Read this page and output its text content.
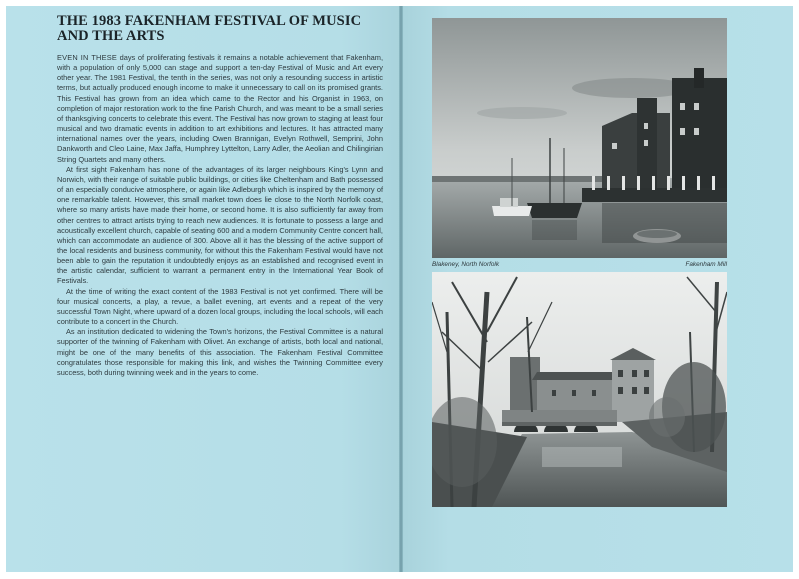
THE 1983 FAKENHAM FESTIVAL OF MUSIC AND THE ARTS

EVEN IN THESE days of proliferating festivals it remains a notable achievement that Fakenham, with a population of only 5,000 can stage and support a ten-day Festival of Music and Art every other year. The 1981 Festival, the tenth in the series, was not only a resounding success in artistic terms, but actually produced enough income to make it unnecessary to call on its promised grants. This Festival has grown from an idea which came to the Rector and his Organist in 1963, on completion of major restoration work to the fine Parish Church, and was meant to be a small series of thanksgiving concerts to celebrate this event. The Festival has now grown to staging at least four musical and two dramatic events in addition to art exhibitions and lectures. It has attracted many international names over the years, including Owen Brannigan, Evelyn Rothwell, Semprini, John Dankworth and Cleo Laine, Max Jaffa, Humphrey Lyttelton, Larry Adler, the Aeolian and Chilingirian String Quartets and many others.

At first sight Fakenham has none of the advantages of its larger neighbours King's Lynn and Norwich, with their range of suitable public buildings, or cities like Cheltenham and Bath possessed of an especially conducive atmosphere, or again like Adleburgh which is inspired by the memory of one remarkable talent. However, this small market town does lie close to the North Norfolk coast, where so many artists have made their home, or second home. It is also sufficiently far away from other centres to attract artists trying to reach new audiences. It is fortunate to possess a large and acoustically excellent church, capable of seating 600 and a modern Community Centre concert hall, which can accommodate an audience of 300. Above all it has the blessing of the active support of the local residents and business community, for without this the Fakenham Festival would have not been able to gain the reputation it undoubtedly enjoys as an established and recognised event in the artistic calendar, sufficient to warrant a permanent entry in the International Year Book of Festivals.

At the time of writing the exact content of the 1983 Festival is not yet confirmed. There will be four musical concerts, a play, a revue, a ballet evening, art events and a repeat of the very successful Town Night, where upward of a dozen local groups, including the local schools, will each contribute to a concert in the Church.

As an institution dedicated to widening the Town's horizons, the Festival Committee is a natural supporter of the twinning of Fakenham with Olivet. An exchange of artists, both local and national, might be one of the many benefits of this association. The Fakenham Festival Committee congratulates those responsible for making this link, and wishes the Twinning Committee every success, both during twinning week and in the years to come.

Blakeney, North Norfolk	Fakenham Mill
